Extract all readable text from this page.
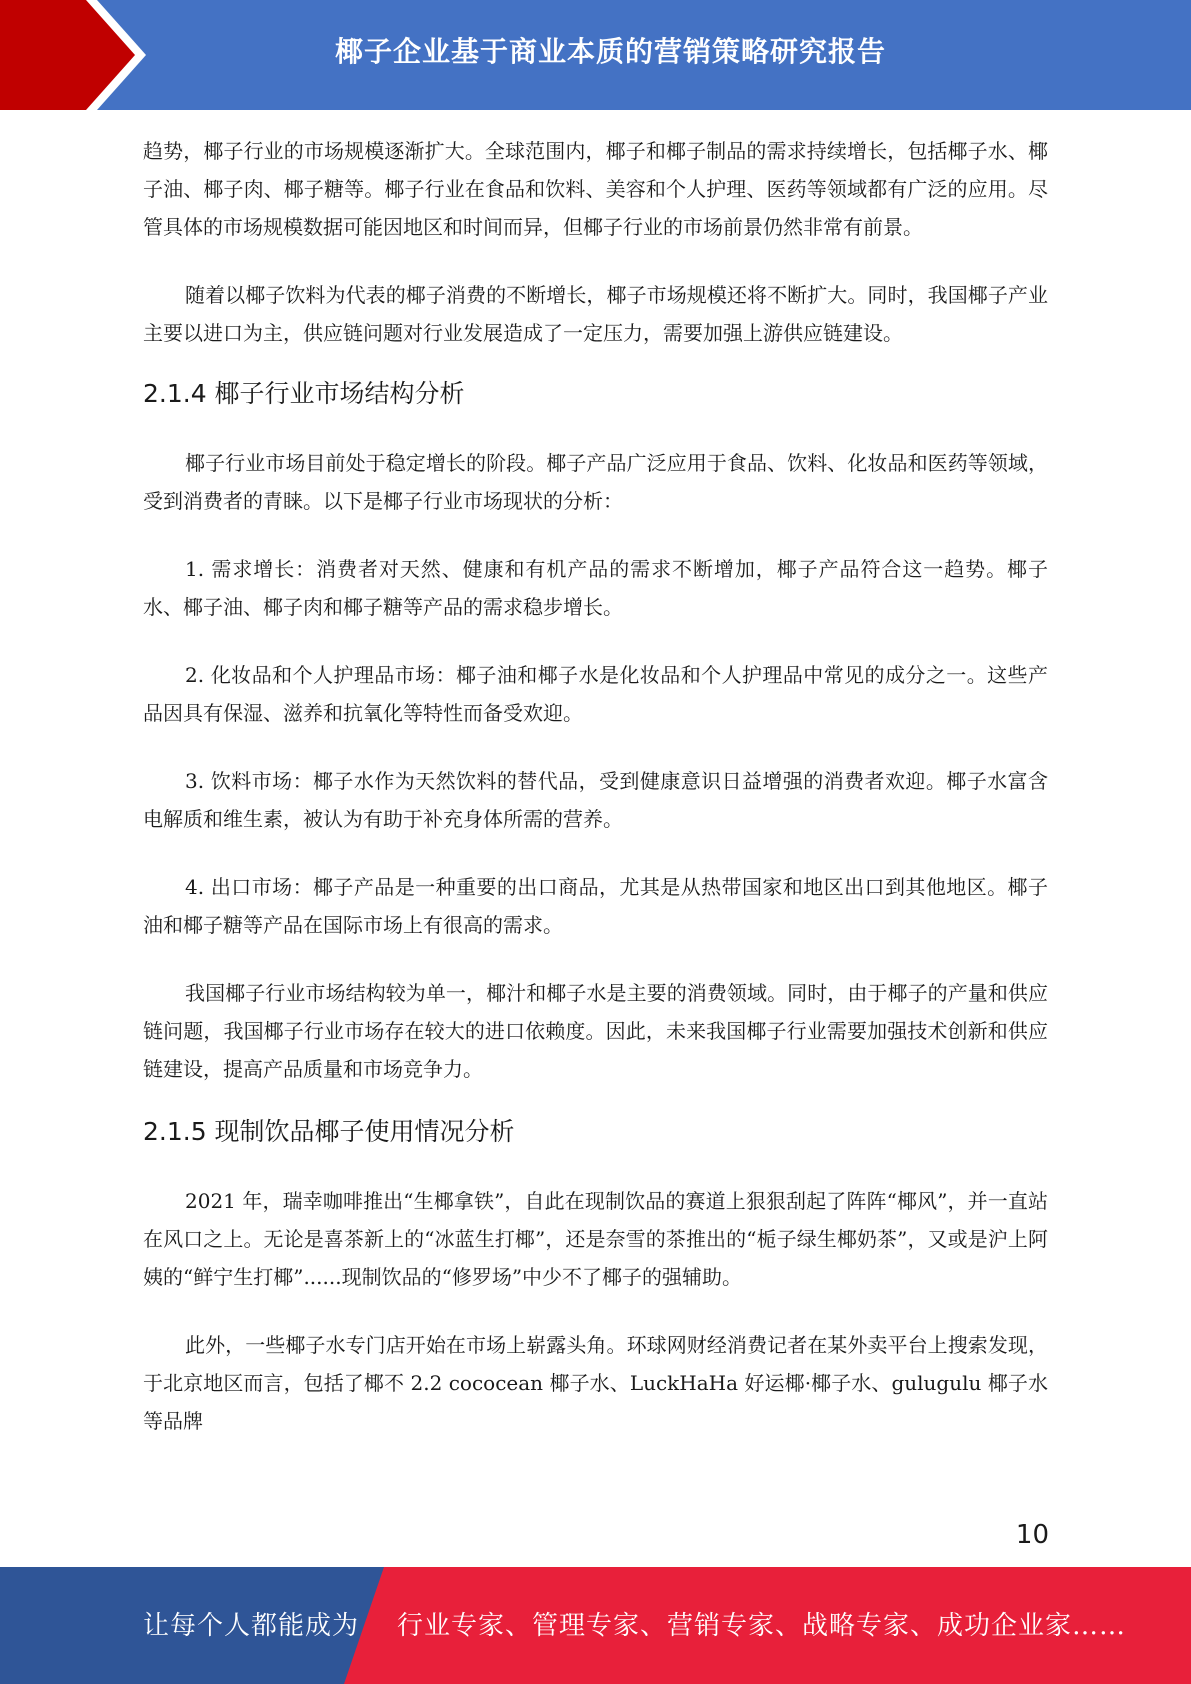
椰子企业基于商业本质的营销策略研究报告

趋势，椰子行业的市场规模逐渐扩大。全球范围内，椰子和椰子制品的需求持续增长，包括椰子水、椰子油、椰子肉、椰子糖等。椰子行业在食品和饮料、美容和个人护理、医药等领域都有广泛的应用。尽管具体的市场规模数据可能因地区和时间而异，但椰子行业的市场前景仍然非常有前景。

随着以椰子饮料为代表的椰子消费的不断增长，椰子市场规模还将不断扩大。同时，我国椰子产业主要以进口为主，供应链问题对行业发展造成了一定压力，需要加强上游供应链建设。

2.1.4 椰子行业市场结构分析

椰子行业市场目前处于稳定增长的阶段。椰子产品广泛应用于食品、饮料、化妆品和医药等领域，受到消费者的青睐。以下是椰子行业市场现状的分析：

1. 需求增长：消费者对天然、健康和有机产品的需求不断增加，椰子产品符合这一趋势。椰子水、椰子油、椰子肉和椰子糖等产品的需求稳步增长。

2. 化妆品和个人护理品市场：椰子油和椰子水是化妆品和个人护理品中常见的成分之一。这些产品因具有保湿、滋养和抗氧化等特性而备受欢迎。

3. 饮料市场：椰子水作为天然饮料的替代品，受到健康意识日益增强的消费者欢迎。椰子水富含电解质和维生素，被认为有助于补充身体所需的营养。

4. 出口市场：椰子产品是一种重要的出口商品，尤其是从热带国家和地区出口到其他地区。椰子油和椰子糖等产品在国际市场上有很高的需求。

我国椰子行业市场结构较为单一，椰汁和椰子水是主要的消费领域。同时，由于椰子的产量和供应链问题，我国椰子行业市场存在较大的进口依赖度。因此，未来我国椰子行业需要加强技术创新和供应链建设，提高产品质量和市场竞争力。

2.1.5 现制饮品椰子使用情况分析

2021 年，瑞幸咖啡推出“生椰拿铁”，自此在现制饮品的赛道上狠狠刮起了阵阵“椰风”，并一直站在风口之上。无论是喜茶新上的“冰蓝生打椰”，还是奈雪的茶推出的“栀子绿生椰奶茶”，又或是沪上阿姨的“鲜宁生打椰”......现制饮品的“修罗场”中少不了椰子的强辅助。

此外，一些椰子水专门店开始在市场上崭露头角。环球网财经消费记者在某外卖平台上搜索发现，于北京地区而言，包括了椰不 2.2 cococean 椰子水、LuckHaHa 好运椰·椰子水、gulugulu 椰子水等品牌

10
让每个人都能成为 行业专家、管理专家、营销专家、战略专家、成功企业家……
